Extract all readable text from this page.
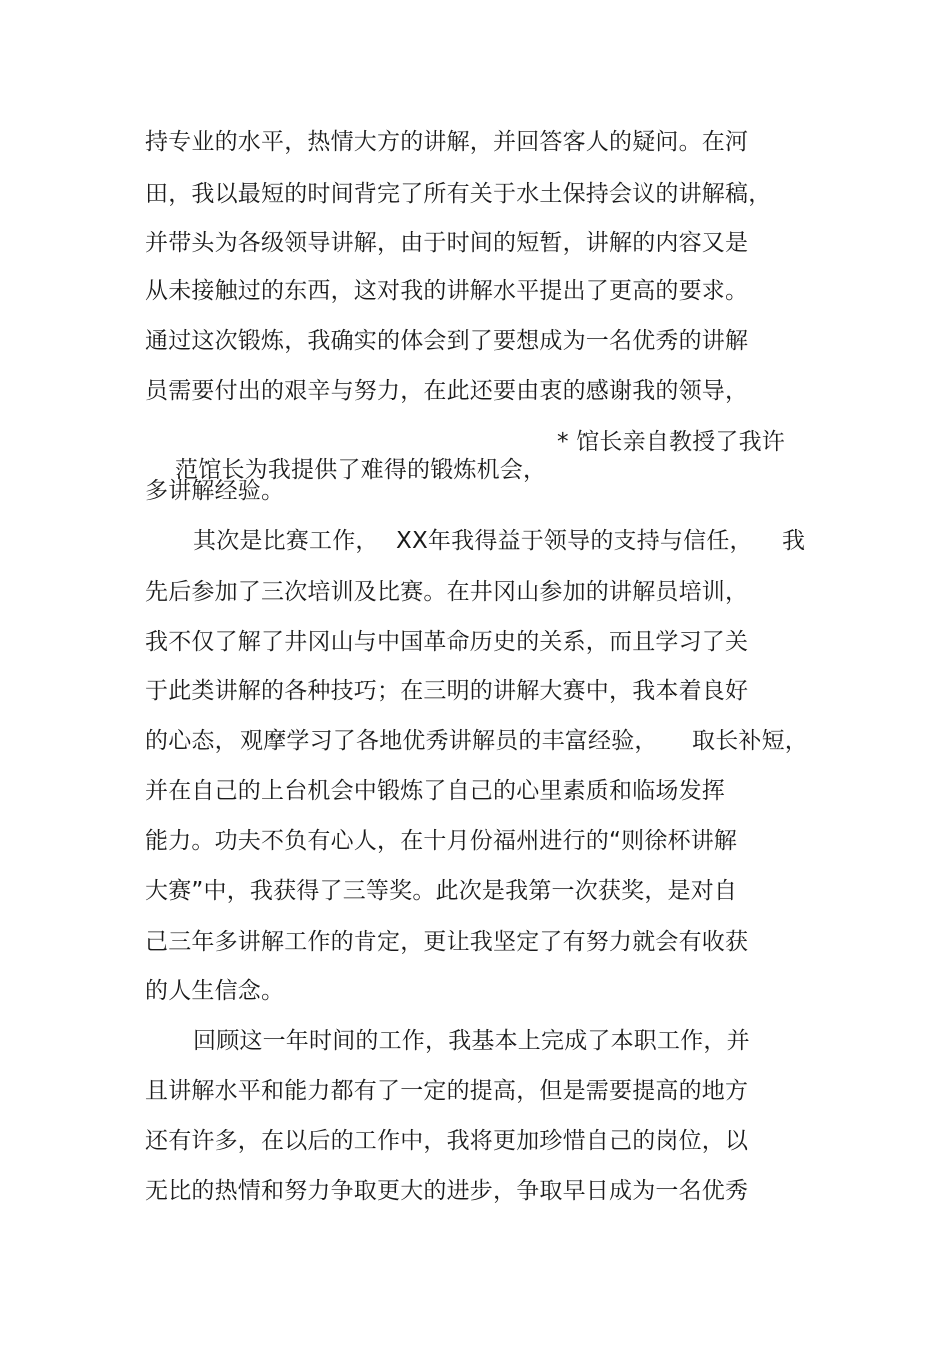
持专业的水平，热情大方的讲解，并回答客人的疑问。在河
田，我以最短的时间背完了所有关于水土保持会议的讲解稿，
并带头为各级领导讲解，由于时间的短暂，讲解的内容又是
从未接触过的东西，这对我的讲解水平提出了更高的要求。
通过这次锻炼，我确实的体会到了要想成为一名优秀的讲解
员需要付出的艰辛与努力，在此还要由衷的感谢我的领导，

范馆长为我提供了难得的锻炼机会，

* 馆长亲自教授了我许
多讲解经验。
其次是比赛工作， XX年我得益于领导的支持与信任， 我
先后参加了三次培训及比赛。在井冈山参加的讲解员培训，
我不仅了解了井冈山与中国革命历史的关系，而且学习了关
于此类讲解的各种技巧；在三明的讲解大赛中，我本着良好
的心态， 观摩学习了各地优秀讲解员的丰富经验， 取长补短，
并在自己的上台机会中锻炼了自己的心里素质和临场发挥
能力。功夫不负有心人，在十月份福州进行的“则徐杯讲解
大赛”中，我获得了三等奖。此次是我第一次获奖，是对自
己三年多讲解工作的肯定，更让我坚定了有努力就会有收获
的人生信念。
回顾这一年时间的工作，我基本上完成了本职工作，并
且讲解水平和能力都有了一定的提高，但是需要提高的地方
还有许多，在以后的工作中，我将更加珍惜自己的岗位，以
无比的热情和努力争取更大的进步，争取早日成为一名优秀
